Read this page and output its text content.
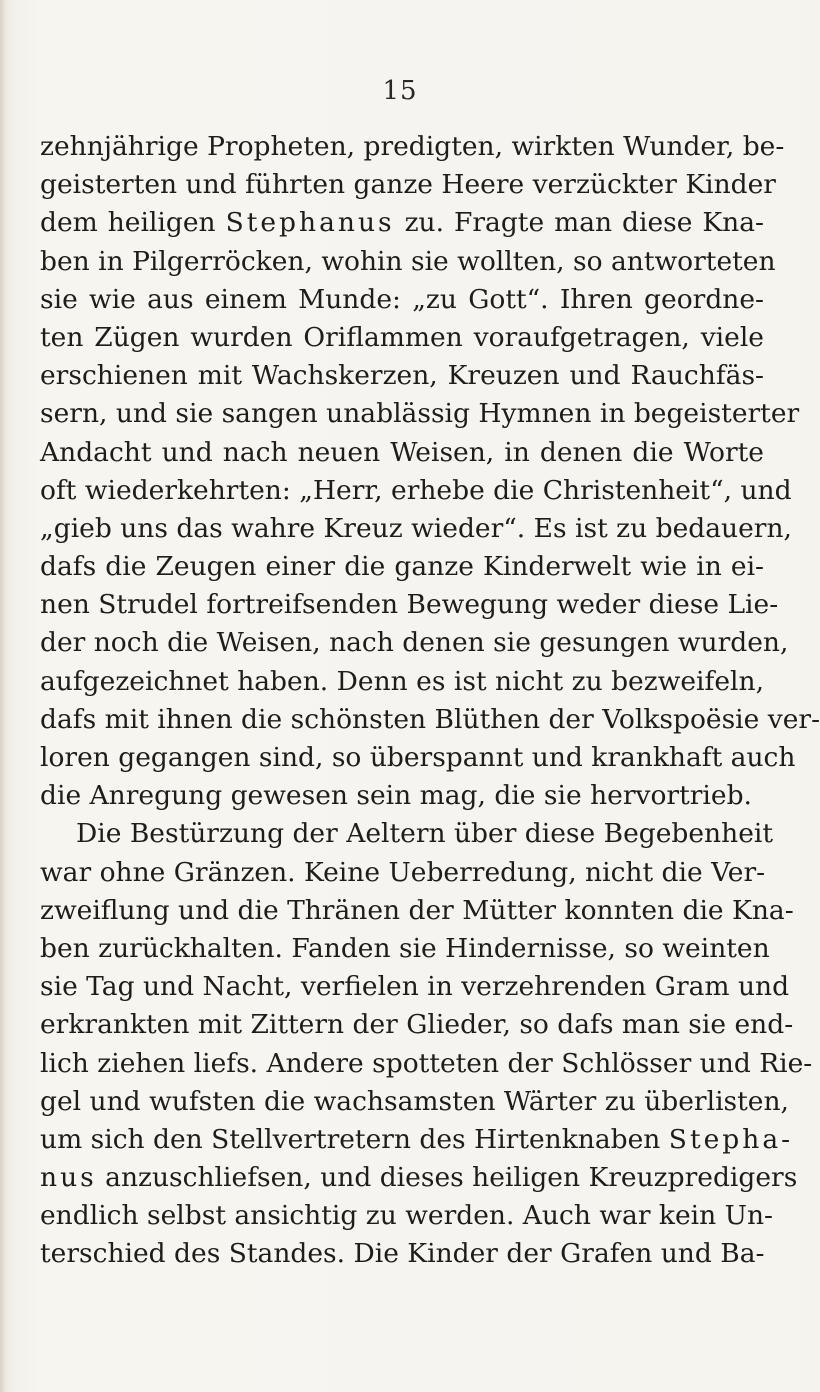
15
zehnjährige Propheten, predigten, wirkten Wunder, be-
geisterten und führten ganze Heere verzückter Kinder
dem heiligen Stephanus zu. Fragte man diese Kna-
ben in Pilgerröcken, wohin sie wollten, so antworteten
sie wie aus einem Munde: „zu Gott“. Ihren geordne-
ten Zügen wurden Oriflammen voraufgetragen, viele
erschienen mit Wachskerzen, Kreuzen und Rauchfäs-
sern, und sie sangen unablässig Hymnen in begeisterter
Andacht und nach neuen Weisen, in denen die Worte
oft wiederkehrten: „Herr, erhebe die Christenheit“, und
„gieb uns das wahre Kreuz wieder“. Es ist zu bedauern,
dafs die Zeugen einer die ganze Kinderwelt wie in ei-
nen Strudel fortreifsenden Bewegung weder diese Lie-
der noch die Weisen, nach denen sie gesungen wurden,
aufgezeichnet haben. Denn es ist nicht zu bezweifeln,
dafs mit ihnen die schönsten Blüthen der Volkspoësie ver-
loren gegangen sind, so überspannt und krankhaft auch
die Anregung gewesen sein mag, die sie hervortrieb.
Die Bestürzung der Aeltern über diese Begebenheit
war ohne Gränzen. Keine Ueberredung, nicht die Ver-
zweiflung und die Thränen der Mütter konnten die Kna-
ben zurückhalten. Fanden sie Hindernisse, so weinten
sie Tag und Nacht, verfielen in verzehrenden Gram und
erkrankten mit Zittern der Glieder, so dafs man sie end-
lich ziehen liefs. Andere spotteten der Schlösser und Rie-
gel und wufsten die wachsamsten Wärter zu überlisten,
um sich den Stellvertretern des Hirtenknaben Stepha-
nus anzuschliefsen, und dieses heiligen Kreuzpredigers
endlich selbst ansichtig zu werden. Auch war kein Un-
terschied des Standes. Die Kinder der Grafen und Ba-
